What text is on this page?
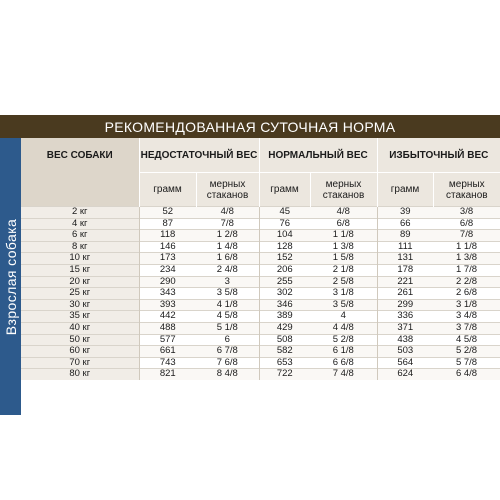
РЕКОМЕНДОВАННАЯ СУТОЧНАЯ НОРМА
Взрослая собака
ВЕС СОБАКИ	НЕДОСТАТОЧНЫЙ ВЕС		НОРМАЛЬНЫЙ ВЕС		ИЗБЫТОЧНЫЙ ВЕС	
	грамм	мерных стаканов	грамм	мерных стаканов	грамм	мерных стаканов
2 кг	52	4/8	45	4/8	39	3/8
4 кг	87	7/8	76	6/8	66	6/8
6 кг	118	1 2/8	104	1 1/8	89	7/8
8 кг	146	1 4/8	128	1 3/8	111	1 1/8
10 кг	173	1 6/8	152	1 5/8	131	1 3/8
15 кг	234	2 4/8	206	2 1/8	178	1 7/8
20 кг	290	3	255	2 5/8	221	2 2/8
25 кг	343	3 5/8	302	3 1/8	261	2 6/8
30 кг	393	4 1/8	346	3 5/8	299	3 1/8
35 кг	442	4 5/8	389	4	336	3 4/8
40 кг	488	5 1/8	429	4 4/8	371	3 7/8
50 кг	577	6	508	5 2/8	438	4 5/8
60 кг	661	6 7/8	582	6 1/8	503	5 2/8
70 кг	743	7 6/8	653	6 6/8	564	5 7/8
80 кг	821	8 4/8	722	7 4/8	624	6 4/8
